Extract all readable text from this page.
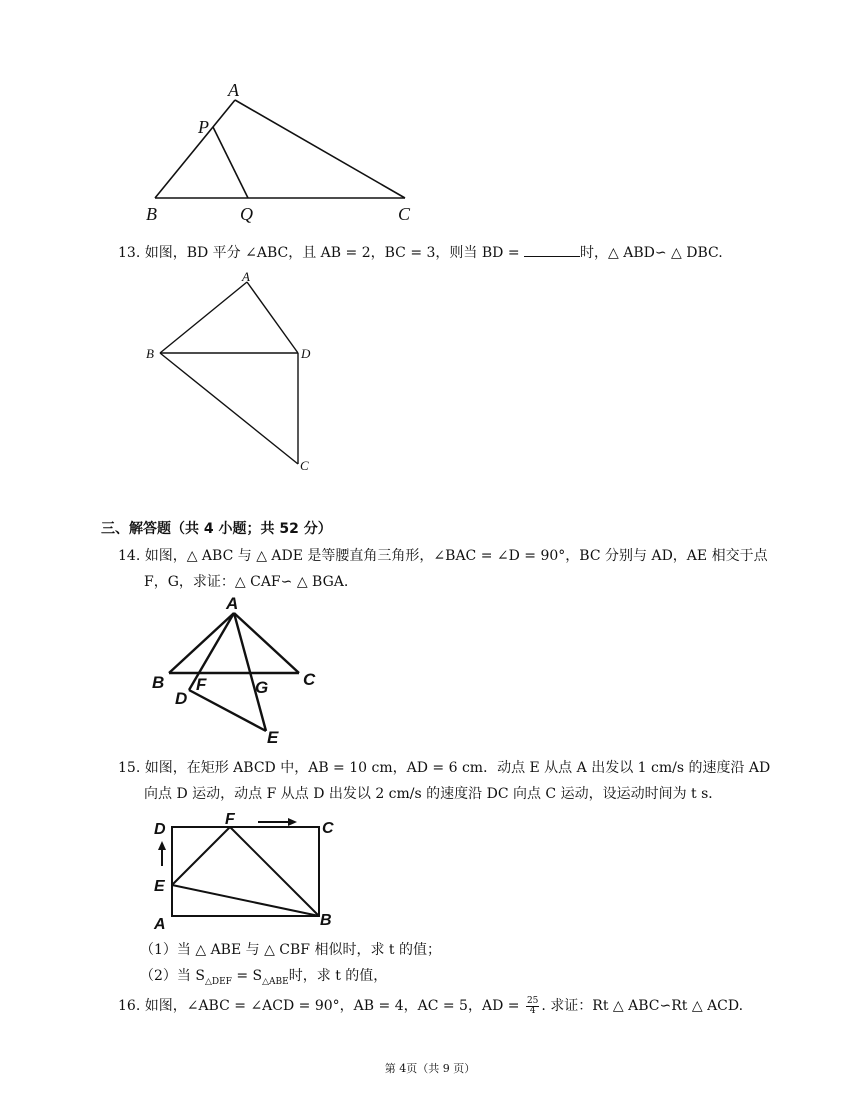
A
P
B	Q	C
13. 如图，BD 平分 ∠ABC，且 AB = 2，BC = 3，则当 BD =	时，△ ABD∽ △ DBC.
A
B	D
C
三、解答题（共 4 小题；共 52 分）
14. 如图，△ ABC 与 △ ADE 是等腰直角三角形，∠BAC = ∠D = 90°，BC 分别与 AD，AE 相交于点
F，G，求证：△ CAF∽ △ BGA.
A
B	C
D
F	G
E
15. 如图，在矩形 ABCD 中，AB = 10 cm，AD = 6 cm．动点 E 从点 A 出发以 1 cm/s 的速度沿 AD
向点 D 运动，动点 F 从点 D 出发以 2 cm/s 的速度沿 DC 向点 C 运动，设运动时间为 t s．
D
F
C
E
A	B
（1）当 △ ABE 与 △ CBF 相似时，求 t 的值；
（2）当 $S_{\triangle DEF} = S_{\triangle ABE}$时，求 t 的值，
16. 如图，∠ABC = ∠ACD = 90°，AB = 4，AC = 5，AD = $\frac{25}{4}$ . 求证：Rt △ ABC∽Rt △ ACD.
第 4页（共 9 页）
